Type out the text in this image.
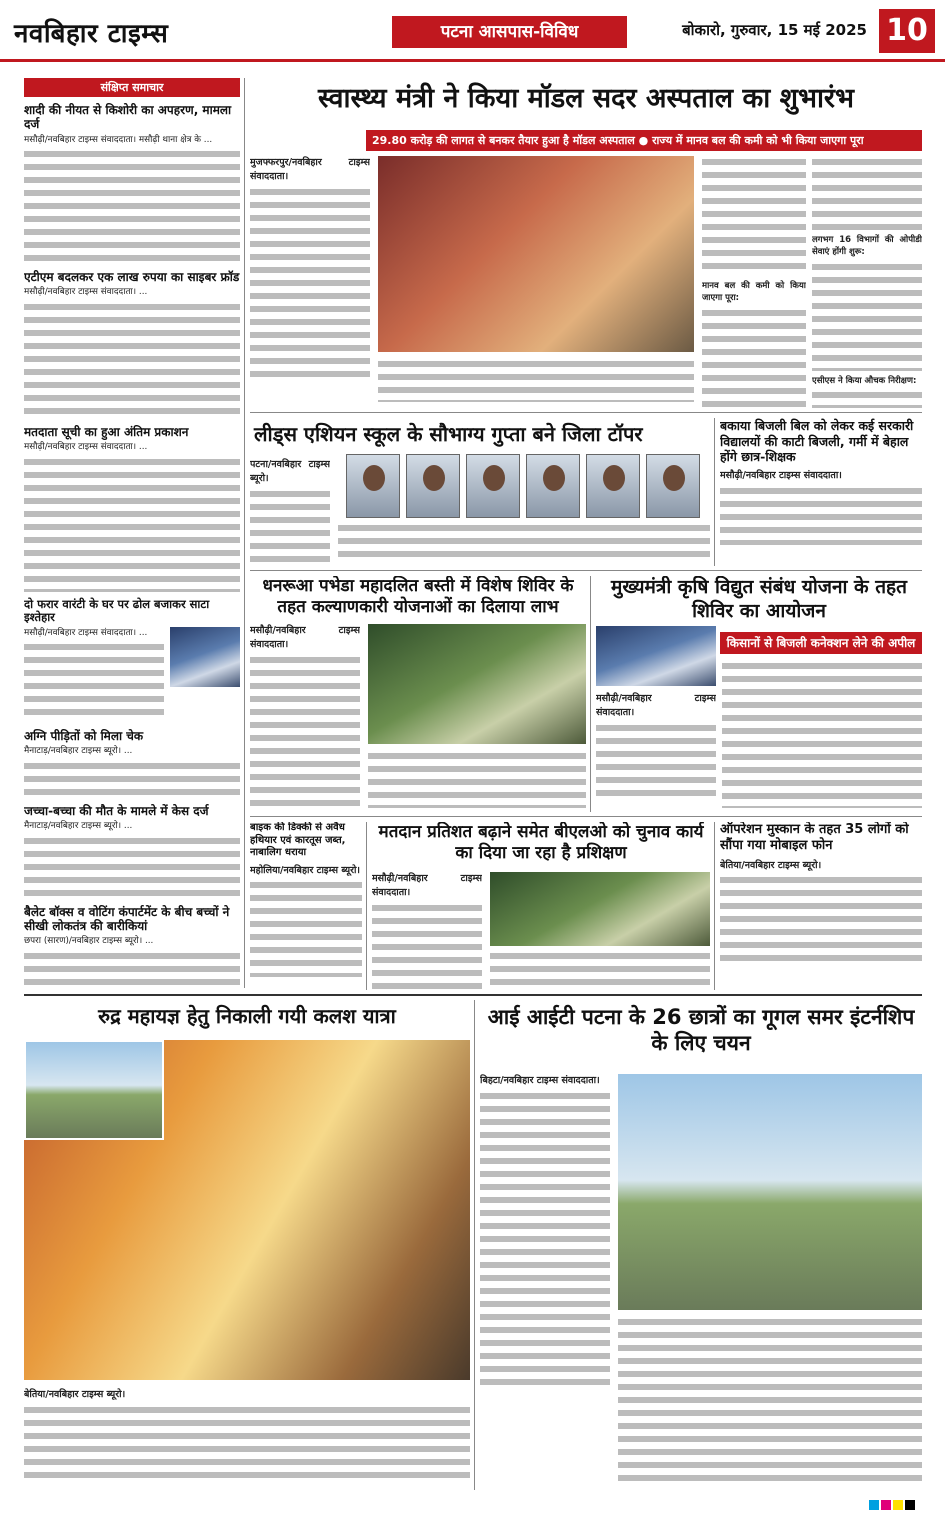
नवबिहार टाइम्स	पटना आसपास-विविध	बोकारो, गुरुवार, 15 मई 2025 10
संक्षिप्त समाचार
शादी की नीयत से किशोरी का अपहरण, मामला दर्ज
मसौढ़ी/नवबिहार टाइम्स संवाददाता। मसौढ़ी थाना क्षेत्र के ...
एटीएम बदलकर एक लाख रुपया का साइबर फ्रॉड
मसौढ़ी/नवबिहार टाइम्स संवाददाता। ...
मतदाता सूची का हुआ अंतिम प्रकाशन
मसौढ़ी/नवबिहार टाइम्स संवाददाता। ...
दो फरार वारंटी के घर पर ढोल बजाकर साटा इश्तेहार
मसौढ़ी/नवबिहार टाइम्स संवाददाता। ...
अग्नि पीड़ितों को मिला चेक
मैनाटाड़/नवबिहार टाइम्स ब्यूरो। ...
जच्चा-बच्चा की मौत के मामले में केस दर्ज
मैनाटाड़/नवबिहार टाइम्स ब्यूरो। ...
बैलेट बॉक्स व वोटिंग कंपार्टमेंट के बीच बच्चों ने सीखी लोकतंत्र की बारीकियां
छपरा (सारण)/नवबिहार टाइम्स ब्यूरो। ...
स्वास्थ्य मंत्री ने किया मॉडल सदर अस्पताल का शुभारंभ
29.80 करोड़ की लागत से बनकर तैयार हुआ है मॉडल अस्पताल ● राज्य में मानव बल की कमी को भी किया जाएगा पूरा
मुजफ्फरपुर/नवबिहार टाइम्स संवाददाता।
मानव बल की कमी को किया जाएगा पूरा:
लगभग 16 विभागों की ओपीडी सेवाएं होंगी शुरू:
एसीएस ने किया औचक निरीक्षण:
लीड्स एशियन स्कूल के सौभाग्य गुप्ता बने जिला टॉपर
पटना/नवबिहार टाइम्स ब्यूरो।
बकाया बिजली बिल को लेकर कई सरकारी विद्यालयों की काटी बिजली, गर्मी में बेहाल होंगे छात्र-शिक्षक
मसौढ़ी/नवबिहार टाइम्स संवाददाता।
धनरूआ पभेडा महादलित बस्ती में विशेष शिविर के तहत कल्याणकारी योजनाओं का दिलाया लाभ
मसौढ़ी/नवबिहार टाइम्स संवाददाता।
मुख्यमंत्री कृषि विद्युत संबंध योजना के तहत शिविर का आयोजन
किसानों से बिजली कनेक्शन लेने की अपील
मसौढ़ी/नवबिहार टाइम्स संवाददाता।
बाइक की डिक्की से अवैध हथियार एवं कारतूस जब्त, नाबालिग धराया
महोलिया/नवबिहार टाइम्स ब्यूरो।
मतदान प्रतिशत बढ़ाने समेत बीएलओ को चुनाव कार्य का दिया जा रहा है प्रशिक्षण
मसौढ़ी/नवबिहार टाइम्स संवाददाता।
ऑपरेशन मुस्कान के तहत 35 लोगों को सौंपा गया मोबाइल फोन
बेतिया/नवबिहार टाइम्स ब्यूरो।
रुद्र महायज्ञ हेतु निकाली गयी कलश यात्रा
बेतिया/नवबिहार टाइम्स ब्यूरो।
आई आईटी पटना के 26 छात्रों का गूगल समर इंटर्नशिप के लिए चयन
बिहटा/नवबिहार टाइम्स संवाददाता।
